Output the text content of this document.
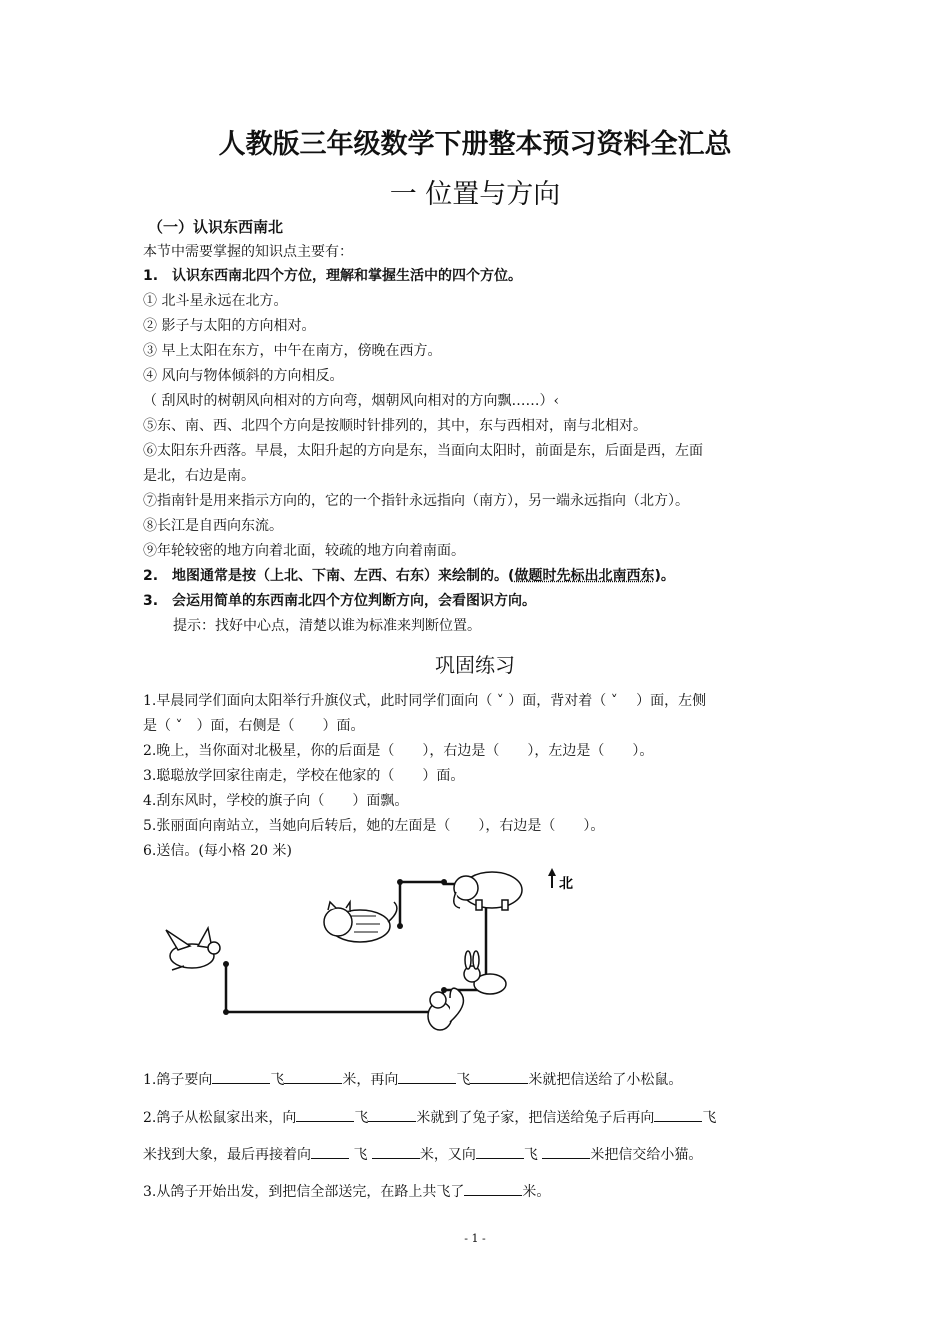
人教版三年级数学下册整本预习资料全汇总
一 位置与方向
（一）认识东西南北
本节中需要掌握的知识点主要有：
1.　认识东西南北四个方位，理解和掌握生活中的四个方位。
① 北斗星永远在北方。
② 影子与太阳的方向相对。
③ 早上太阳在东方，中午在南方，傍晚在西方。
④ 风向与物体倾斜的方向相反。
（ 刮风时的树朝风向相对的方向弯，烟朝风向相对的方向飘……）‹
⑤东、南、西、北四个方向是按顺时针排列的，其中，东与西相对，南与北相对。
⑥太阳东升西落。早晨，太阳升起的方向是东，当面向太阳时，前面是东，后面是西，左面
是北，右边是南。
⑦指南针是用来指示方向的，它的一个指针永远指向（南方），另一端永远指向（北方）。
⑧长江是自西向东流。
⑨年轮较密的地方向着北面，较疏的地方向着南面。
2.　地图通常是按（上北、下南、左西、右东）来绘制的。(做题时先标出北南西东)。
3.　会运用简单的东西南北四个方位判断方向，会看图识方向。
提示：找好中心点，清楚以谁为标准来判断位置。
巩固练习
1.早晨同学们面向太阳举行升旗仪式，此时同学们面向（ ˅ ）面，背对着（ ˅　 ）面，左侧
是（ ˅　）面，右侧是（　　）面。
2.晚上，当你面对北极星，你的后面是（　　），右边是（　　），左边是（　　）。
3.聪聪放学回家往南走，学校在他家的（　　）面。
4.刮东风时，学校的旗子向（　　）面飘。
5.张丽面向南站立，当她向后转后，她的左面是（　　），右边是（　　）。
6.送信。(每小格 20 米)
北
1.鸽子要向	飞	米，再向	飞	米就把信送给了小松鼠。
2.鸽子从松鼠家出来，向	飞	米就到了兔子家，把信送给兔子后再向	飞
米找到大象，最后再接着向	飞	米，又向	飞	米把信交给小猫。
3.从鸽子开始出发，到把信全部送完，在路上共飞了	米。
- 1 -
